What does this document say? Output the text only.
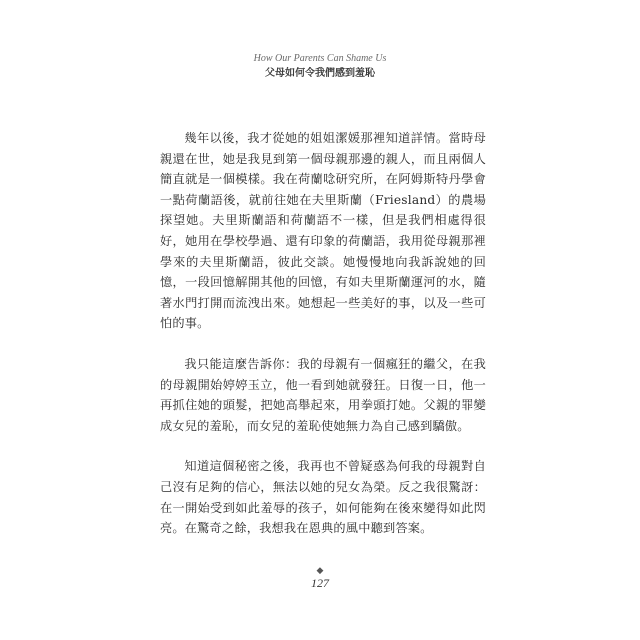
How Our Parents Can Shame Us
父母如何令我們感到羞恥

幾年以後，我才從她的姐姐潔媛那裡知道詳情。當時母親還在世，她是我見到第一個母親那邊的親人，而且兩個人簡直就是一個模樣。我在荷蘭唸研究所，在阿姆斯特丹學會一點荷蘭語後，就前往她在夫里斯蘭（Friesland）的農場探望她。夫里斯蘭語和荷蘭語不一樣，但是我們相處得很好，她用在學校學過、還有印象的荷蘭語，我用從母親那裡學來的夫里斯蘭語，彼此交談。她慢慢地向我訴說她的回憶，一段回憶解開其他的回憶，有如夫里斯蘭運河的水，隨著水門打開而流洩出來。她想起一些美好的事，以及一些可怕的事。

我只能這麼告訴你：我的母親有一個瘋狂的繼父，在我的母親開始婷婷玉立，他一看到她就發狂。日復一日，他一再抓住她的頭髮，把她高舉起來，用拳頭打她。父親的罪變成女兒的羞恥，而女兒的羞恥使她無力為自己感到驕傲。

知道這個秘密之後，我再也不曾疑惑為何我的母親對自己沒有足夠的信心，無法以她的兒女為榮。反之我很驚訝：在一開始受到如此羞辱的孩子，如何能夠在後來變得如此閃亮。在驚奇之餘，我想我在恩典的風中聽到答案。

◆
127
